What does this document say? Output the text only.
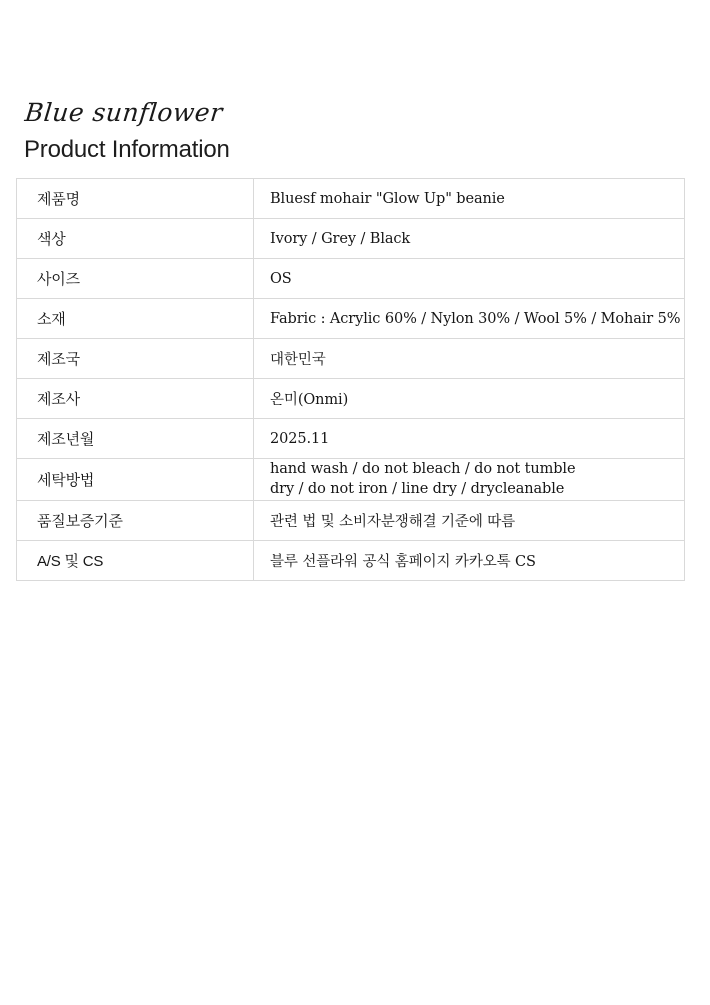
Blue sunflower
Product Information
제품명	Bluesf mohair "Glow Up" beanie
색상	Ivory / Grey / Black
사이즈	OS
소재	Fabric : Acrylic 60% / Nylon 30% / Wool 5% / Mohair 5%
제조국	대한민국
제조사	온미(Onmi)
제조년월	2025.11
세탁방법	hand wash / do not bleach / do not tumble
dry / do not iron / line dry / drycleanable

품질보증기준	관련 법 및 소비자분쟁해결 기준에 따름
A/S 및 CS	블루 선플라워 공식 홈페이지 카카오톡 CS
